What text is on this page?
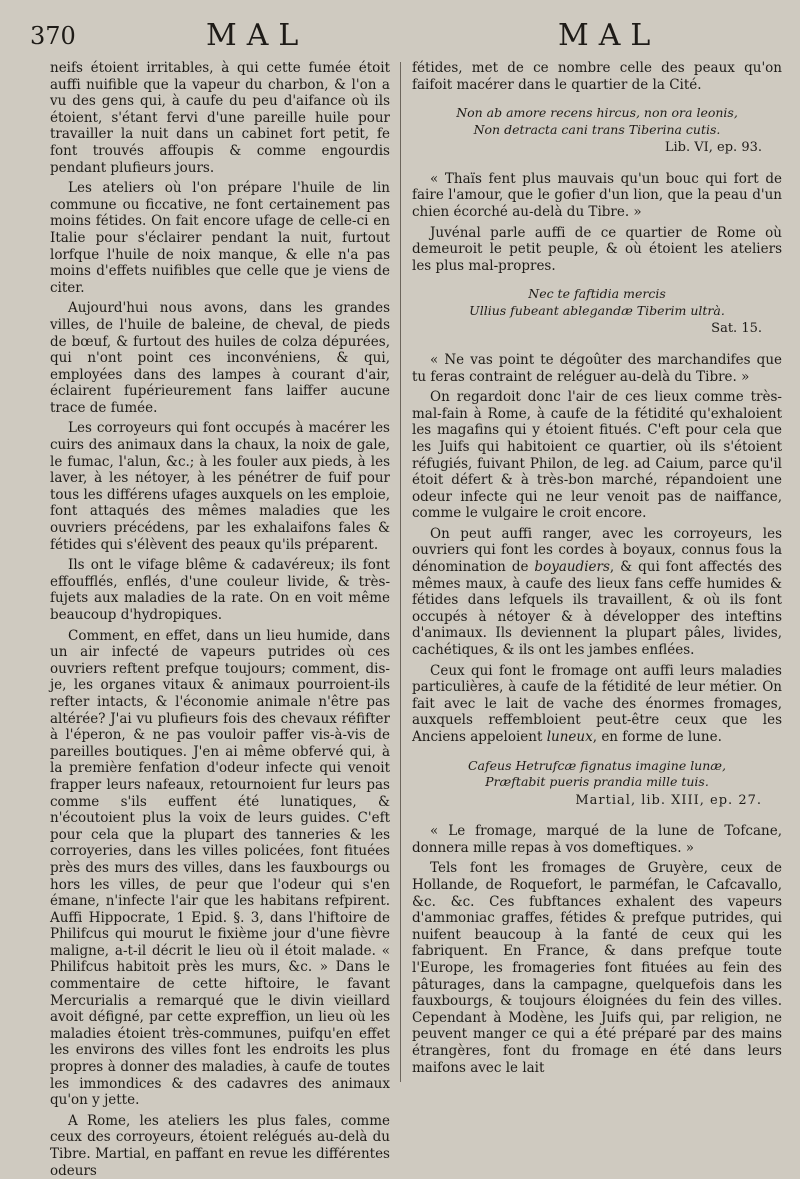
370	MAL	MAL

neifs étoient irritables, à qui cette fumée étoit auffi nuifible que la vapeur du charbon, & l'on a vu des gens qui, à caufe du peu d'aifance où ils étoient, s'étant fervi d'une pareille huile pour travailler la nuit dans un cabinet fort petit, fe font trouvés affoupis & comme engourdis pendant plufieurs jours.

Les ateliers où l'on prépare l'huile de lin commune ou ficcative, ne font certainement pas moins fétides. On fait encore ufage de celle-ci en Italie pour s'éclairer pendant la nuit, furtout lorfque l'huile de noix manque, & elle n'a pas moins d'effets nuifibles que celle que je viens de citer.

Aujourd'hui nous avons, dans les grandes villes, de l'huile de baleine, de cheval, de pieds de bœuf, & furtout des huiles de colza dépurées, qui n'ont point ces inconvéniens, & qui, employées dans des lampes à courant d'air, éclairent fupérieurement fans laiffer aucune trace de fumée.

Les corroyeurs qui font occupés à macérer les cuirs des animaux dans la chaux, la noix de gale, le fumac, l'alun, &c.; à les fouler aux pieds, à les laver, à les nétoyer, à les pénétrer de fuif pour tous les différens ufages auxquels on les emploie, font attaqués des mêmes maladies que les ouvriers précédens, par les exhalaifons fales & fétides qui s'élèvent des peaux qu'ils préparent.

Ils ont le vifage blême & cadavéreux; ils font effoufflés, enflés, d'une couleur livide, & très-fujets aux maladies de la rate. On en voit même beaucoup d'hydropiques.

Comment, en effet, dans un lieu humide, dans un air infecté de vapeurs putrides où ces ouvriers reftent prefque toujours; comment, dis-je, les organes vitaux & animaux pourroient-ils refter intacts, & l'économie animale n'être pas altérée? J'ai vu plufieurs fois des chevaux réfifter à l'éperon, & ne pas vouloir paffer vis-à-vis de pareilles boutiques. J'en ai même obfervé qui, à la première fenfation d'odeur infecte qui venoit frapper leurs nafeaux, retournoient fur leurs pas comme s'ils euffent été lunatiques, & n'écoutoient plus la voix de leurs guides. C'eft pour cela que la plupart des tanneries & les corroyeries, dans les villes policées, font fituées près des murs des villes, dans les fauxbourgs ou hors les villes, de peur que l'odeur qui s'en émane, n'infecte l'air que les habitans refpirent. Auffi Hippocrate, 1 Epid. §. 3, dans l'hiftoire de Philifcus qui mourut le fixième jour d'une fièvre maligne, a-t-il décrit le lieu où il étoit malade. « Philifcus habitoit près les murs, &c. » Dans le commentaire de cette hiftoire, le favant Mercurialis a remarqué que le divin vieillard avoit défigné, par cette expreffion, un lieu où les maladies étoient très-communes, puifqu'en effet les environs des villes font les endroits les plus propres à donner des maladies, à caufe de toutes les immondices & des cadavres des animaux qu'on y jette.

A Rome, les ateliers les plus fales, comme ceux des corroyeurs, étoient relégués au-delà du Tibre. Martial, en paffant en revue les différentes odeurs

fétides, met de ce nombre celle des peaux qu'on faifoit macérer dans le quartier de la Cité.

Non ab amore recens hircus, non ora leonis,
Non detracta cani trans Tiberina cutis.
Lib. VI, ep. 93.

« Thaïs fent plus mauvais qu'un bouc qui fort de faire l'amour, que le gofier d'un lion, que la peau d'un chien écorché au-delà du Tibre. »

Juvénal parle auffi de ce quartier de Rome où demeuroit le petit peuple, & où étoient les ateliers les plus mal-propres.

Nec te faftidia mercis
Ullius fubeant ablegandæ Tiberim ultrà.
Sat. 15.

« Ne vas point te dégoûter des marchandifes que tu feras contraint de reléguer au-delà du Tibre. »

On regardoit donc l'air de ces lieux comme très-mal-fain à Rome, à caufe de la fétidité qu'exhaloient les magafins qui y étoient fitués. C'eft pour cela que les Juifs qui habitoient ce quartier, où ils s'étoient réfugiés, fuivant Philon, de leg. ad Caium, parce qu'il étoit défert & à très-bon marché, répandoient une odeur infecte qui ne leur venoit pas de naiffance, comme le vulgaire le croit encore.

On peut auffi ranger, avec les corroyeurs, les ouvriers qui font les cordes à boyaux, connus fous la dénomination de boyaudiers, & qui font affectés des mêmes maux, à caufe des lieux fans ceffe humides & fétides dans lefquels ils travaillent, & où ils font occupés à nétoyer & à développer des inteftins d'animaux. Ils deviennent la plupart pâles, livides, cachétiques, & ils ont les jambes enflées.

Ceux qui font le fromage ont auffi leurs maladies particulières, à caufe de la fétidité de leur métier. On fait avec le lait de vache des énormes fromages, auxquels reffembloient peut-être ceux que les Anciens appeloient luneux, en forme de lune.

Cafeus Hetrufcæ fignatus imagine lunæ,
Præftabit pueris prandia mille tuis.
Martial, lib. XIII, ep. 27.

« Le fromage, marqué de la lune de Tofcane, donnera mille repas à vos domeftiques. »

Tels font les fromages de Gruyère, ceux de Hollande, de Roquefort, le parméfan, le Cafcavallo, &c. &c. Ces fubftances exhalent des vapeurs d'ammoniac graffes, fétides & prefque putrides, qui nuifent beaucoup à la fanté de ceux qui les fabriquent. En France, & dans prefque toute l'Europe, les fromageries font fituées au fein des pâturages, dans la campagne, quelquefois dans les fauxbourgs, & toujours éloignées du fein des villes. Cependant à Modène, les Juifs qui, par religion, ne peuvent manger ce qui a été préparé par des mains étrangères, font du fromage en été dans leurs maifons avec le lait
